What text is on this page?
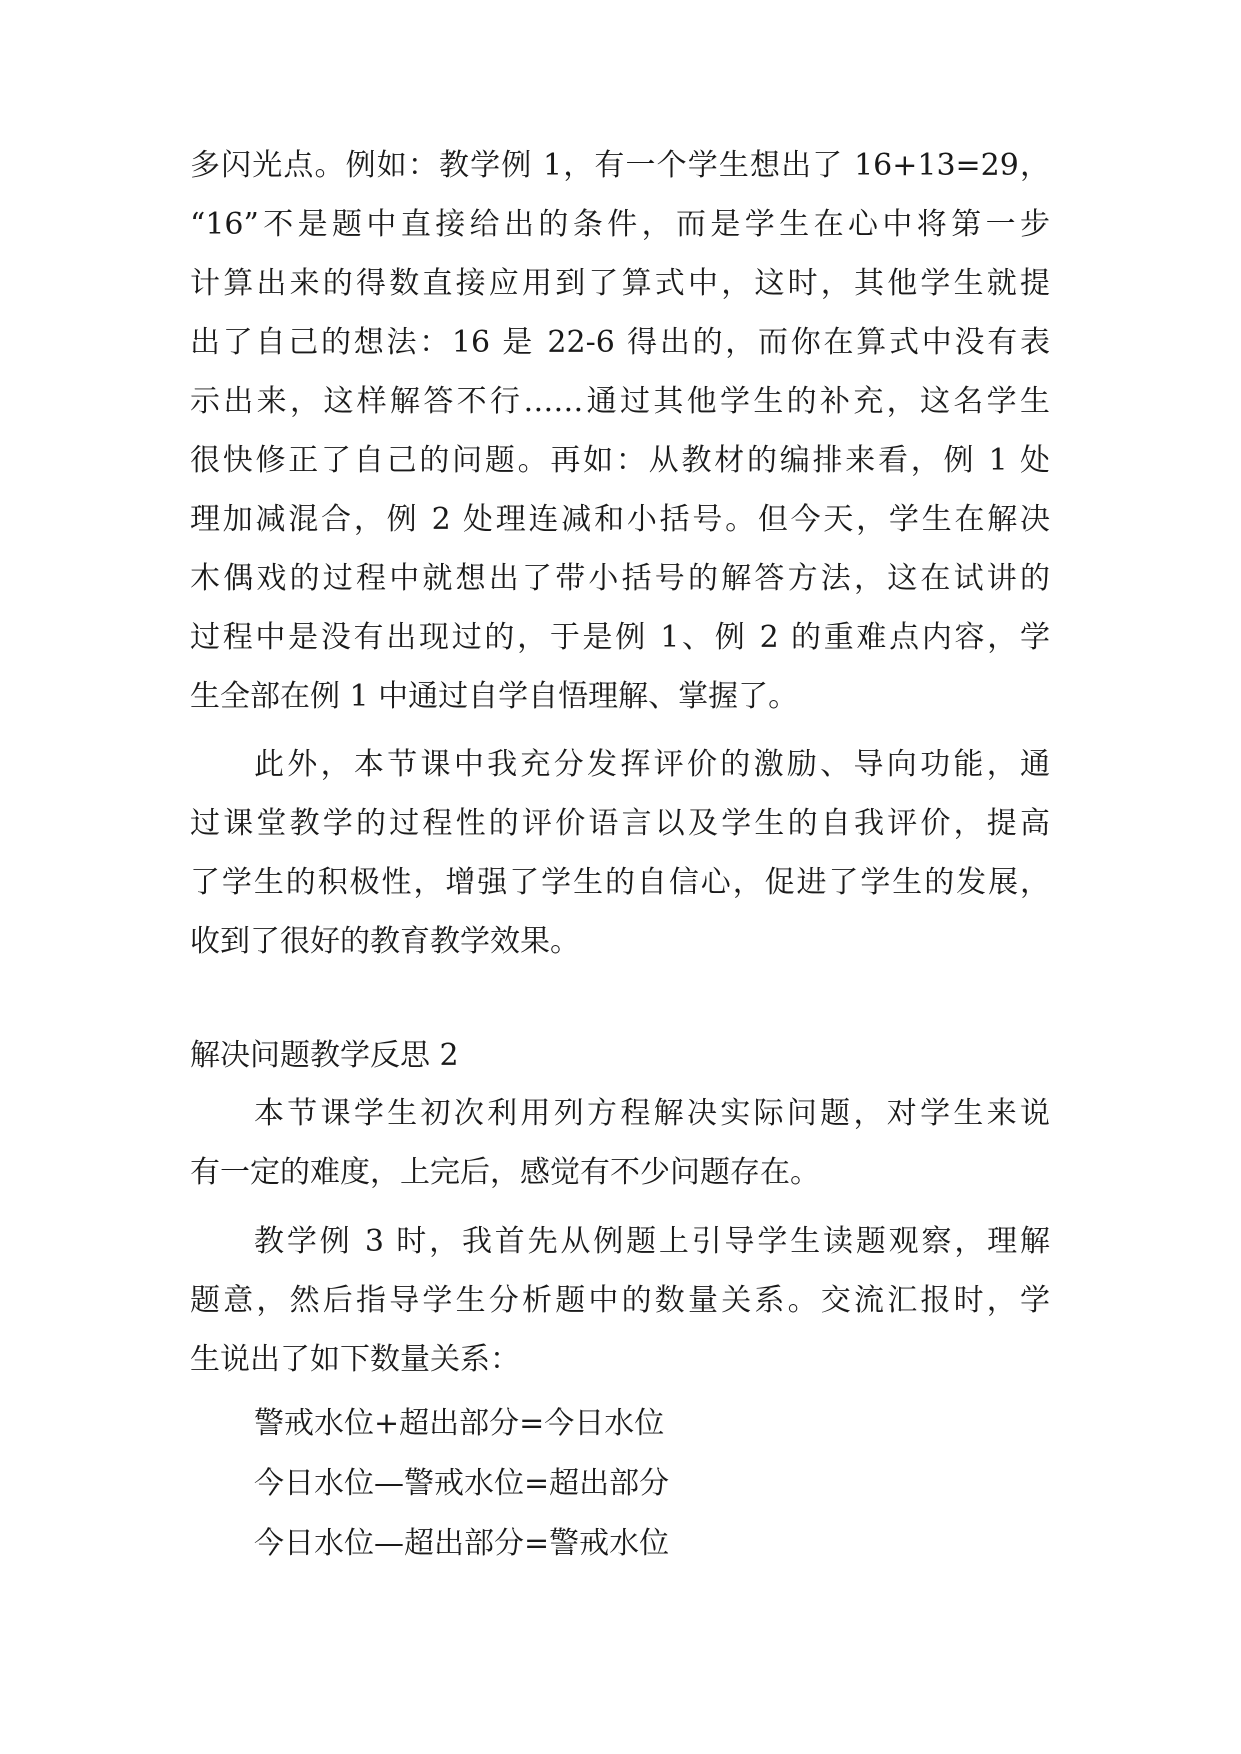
多闪光点。例如：教学例 1，有一个学生想出了 16+13=29，
“16”不是题中直接给出的条件，而是学生在心中将第一步
计算出来的得数直接应用到了算式中，这时，其他学生就提
出了自己的想法：16 是 22-6 得出的，而你在算式中没有表
示出来，这样解答不行……通过其他学生的补充，这名学生
很快修正了自己的问题。再如：从教材的编排来看，例 1 处
理加减混合，例 2 处理连减和小括号。但今天，学生在解决
木偶戏的过程中就想出了带小括号的解答方法，这在试讲的
过程中是没有出现过的，于是例 1、例 2 的重难点内容，学
生全部在例 1 中通过自学自悟理解、掌握了。
此外，本节课中我充分发挥评价的激励、导向功能，通
过课堂教学的过程性的评价语言以及学生的自我评价，提高
了学生的积极性，增强了学生的自信心，促进了学生的发展，
收到了很好的教育教学效果。
解决问题教学反思 2
本节课学生初次利用列方程解决实际问题，对学生来说
有一定的难度，上完后，感觉有不少问题存在。
教学例 3 时，我首先从例题上引导学生读题观察，理解
题意，然后指导学生分析题中的数量关系。交流汇报时，学
生说出了如下数量关系：
警戒水位+超出部分=今日水位
今日水位—警戒水位=超出部分
今日水位—超出部分=警戒水位
